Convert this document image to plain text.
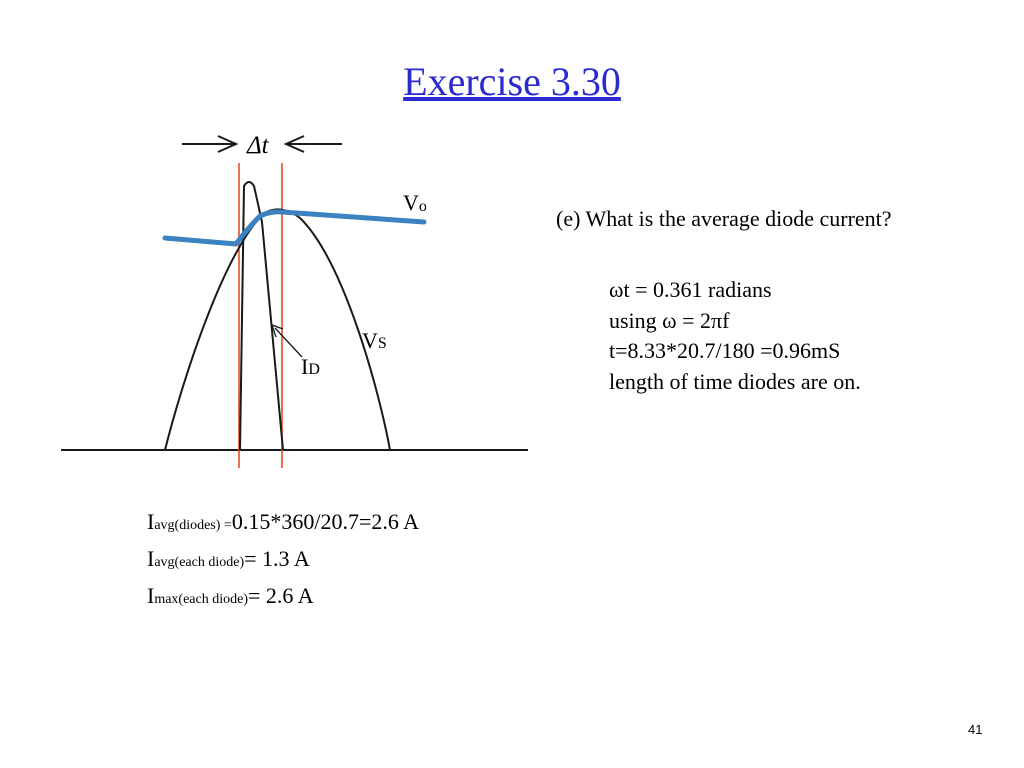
Exercise 3.30
Δt
Vo
VS
ID
(e) What is the average diode current?
ωt = 0.361 radians
using ω = 2πf
t=8.33*20.7/180 =0.96mS
length of time diodes are on.
Iavg(diodes) =0.15*360/20.7=2.6 A
Iavg(each diode)= 1.3 A
Imax(each diode)= 2.6 A
41
